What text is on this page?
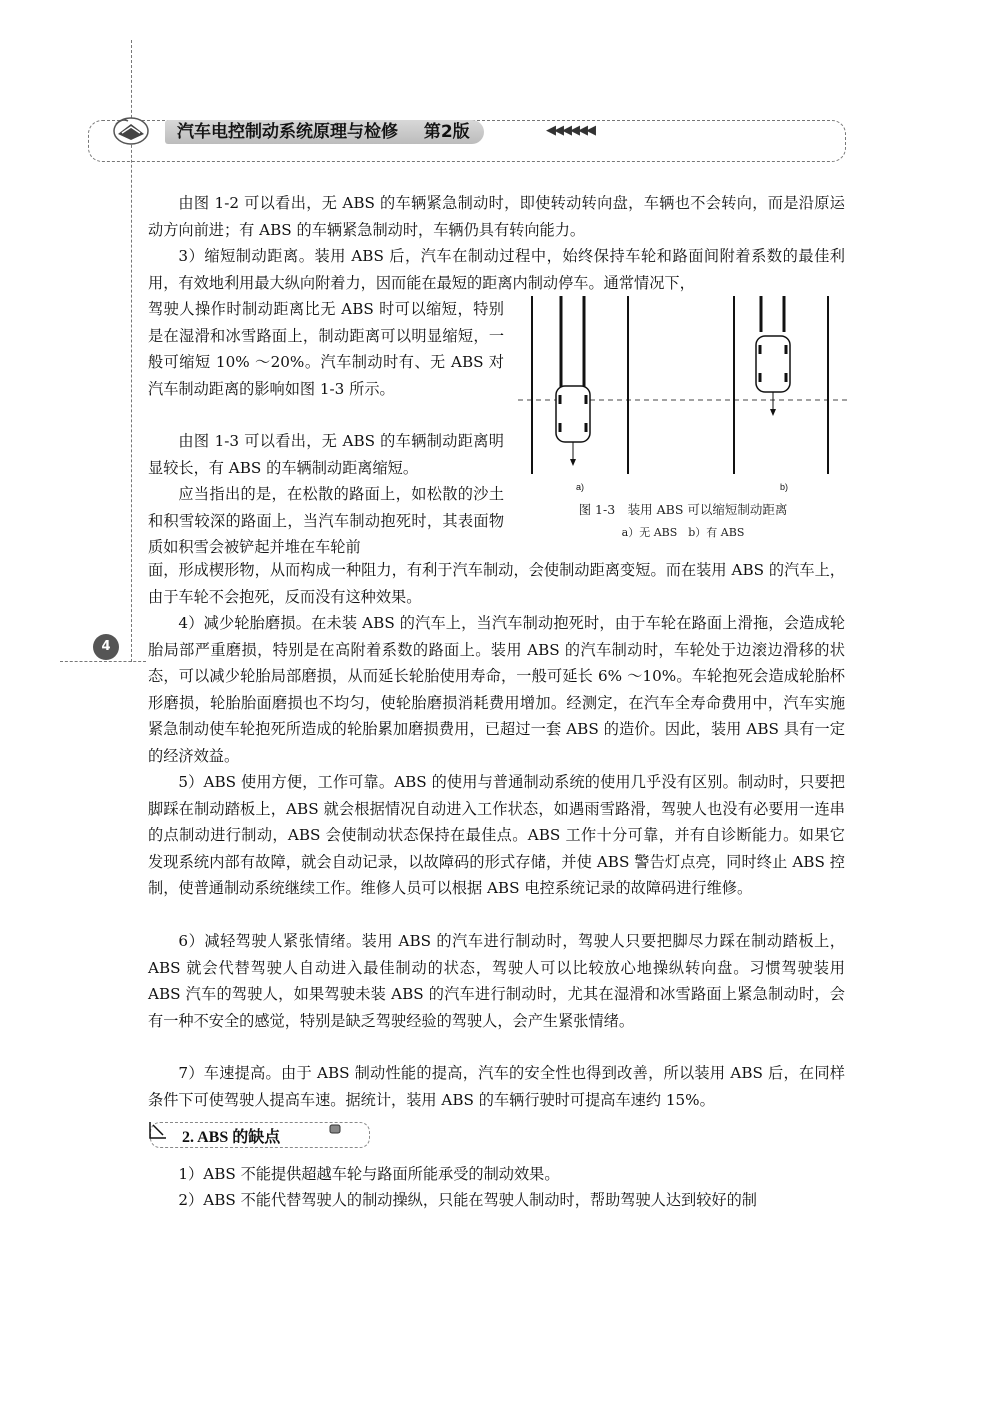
汽车电控制动系统原理与检修 第2版	◀◀◀◀◀◀
4

由图 1-2 可以看出，无 ABS 的车辆紧急制动时，即使转动转向盘，车辆也不会转向，而是沿原运动方向前进；有 ABS 的车辆紧急制动时，车辆仍具有转向能力。

3）缩短制动距离。装用 ABS 后，汽车在制动过程中，始终保持车轮和路面间附着系数的最佳利用，有效地利用最大纵向附着力，因而能在最短的距离内制动停车。通常情况下，

驾驶人操作时制动距离比无 ABS 时可以缩短，特别是在湿滑和冰雪路面上，制动距离可以明显缩短，一般可缩短 10% ～20%。汽车制动时有、无 ABS 对汽车制动距离的影响如图 1-3 所示。

由图 1-3 可以看出，无 ABS 的车辆制动距离明显较长，有 ABS 的车辆制动距离缩短。

应当指出的是，在松散的路面上，如松散的沙土和积雪较深的路面上，当汽车制动抱死时，其表面物质如积雪会被铲起并堆在车轮前

面，形成楔形物，从而构成一种阻力，有利于汽车制动，会使制动距离变短。而在装用 ABS 的汽车上，由于车轮不会抱死，反而没有这种效果。

4）减少轮胎磨损。在未装 ABS 的汽车上，当汽车制动抱死时，由于车轮在路面上滑拖，会造成轮胎局部严重磨损，特别是在高附着系数的路面上。装用 ABS 的汽车制动时，车轮处于边滚边滑移的状态，可以减少轮胎局部磨损，从而延长轮胎使用寿命，一般可延长 6% ～10%。车轮抱死会造成轮胎杯形磨损，轮胎胎面磨损也不均匀，使轮胎磨损消耗费用增加。经测定，在汽车全寿命费用中，汽车实施紧急制动使车轮抱死所造成的轮胎累加磨损费用，已超过一套 ABS 的造价。因此，装用 ABS 具有一定的经济效益。

5）ABS 使用方便，工作可靠。ABS 的使用与普通制动系统的使用几乎没有区别。制动时，只要把脚踩在制动踏板上，ABS 就会根据情况自动进入工作状态，如遇雨雪路滑，驾驶人也没有必要用一连串的点制动进行制动，ABS 会使制动状态保持在最佳点。ABS 工作十分可靠，并有自诊断能力。如果它发现系统内部有故障，就会自动记录，以故障码的形式存储，并使 ABS 警告灯点亮，同时终止 ABS 控制，使普通制动系统继续工作。维修人员可以根据 ABS 电控系统记录的故障码进行维修。

6）减轻驾驶人紧张情绪。装用 ABS 的汽车进行制动时，驾驶人只要把脚尽力踩在制动踏板上，ABS 就会代替驾驶人自动进入最佳制动的状态，驾驶人可以比较放心地操纵转向盘。习惯驾驶装用 ABS 汽车的驾驶人，如果驾驶未装 ABS 的汽车进行制动时，尤其在湿滑和冰雪路面上紧急制动时，会有一种不安全的感觉，特别是缺乏驾驶经验的驾驶人，会产生紧张情绪。

7）车速提高。由于 ABS 制动性能的提高，汽车的安全性也得到改善，所以装用 ABS 后，在同样条件下可使驾驶人提高车速。据统计，装用 ABS 的车辆行驶时可提高车速约 15%。

a)	b)
图 1-3　装用 ABS 可以缩短制动距离
a）无 ABS　b）有 ABS
2. ABS 的缺点

1）ABS 不能提供超越车轮与路面所能承受的制动效果。

2）ABS 不能代替驾驶人的制动操纵，只能在驾驶人制动时，帮助驾驶人达到较好的制
